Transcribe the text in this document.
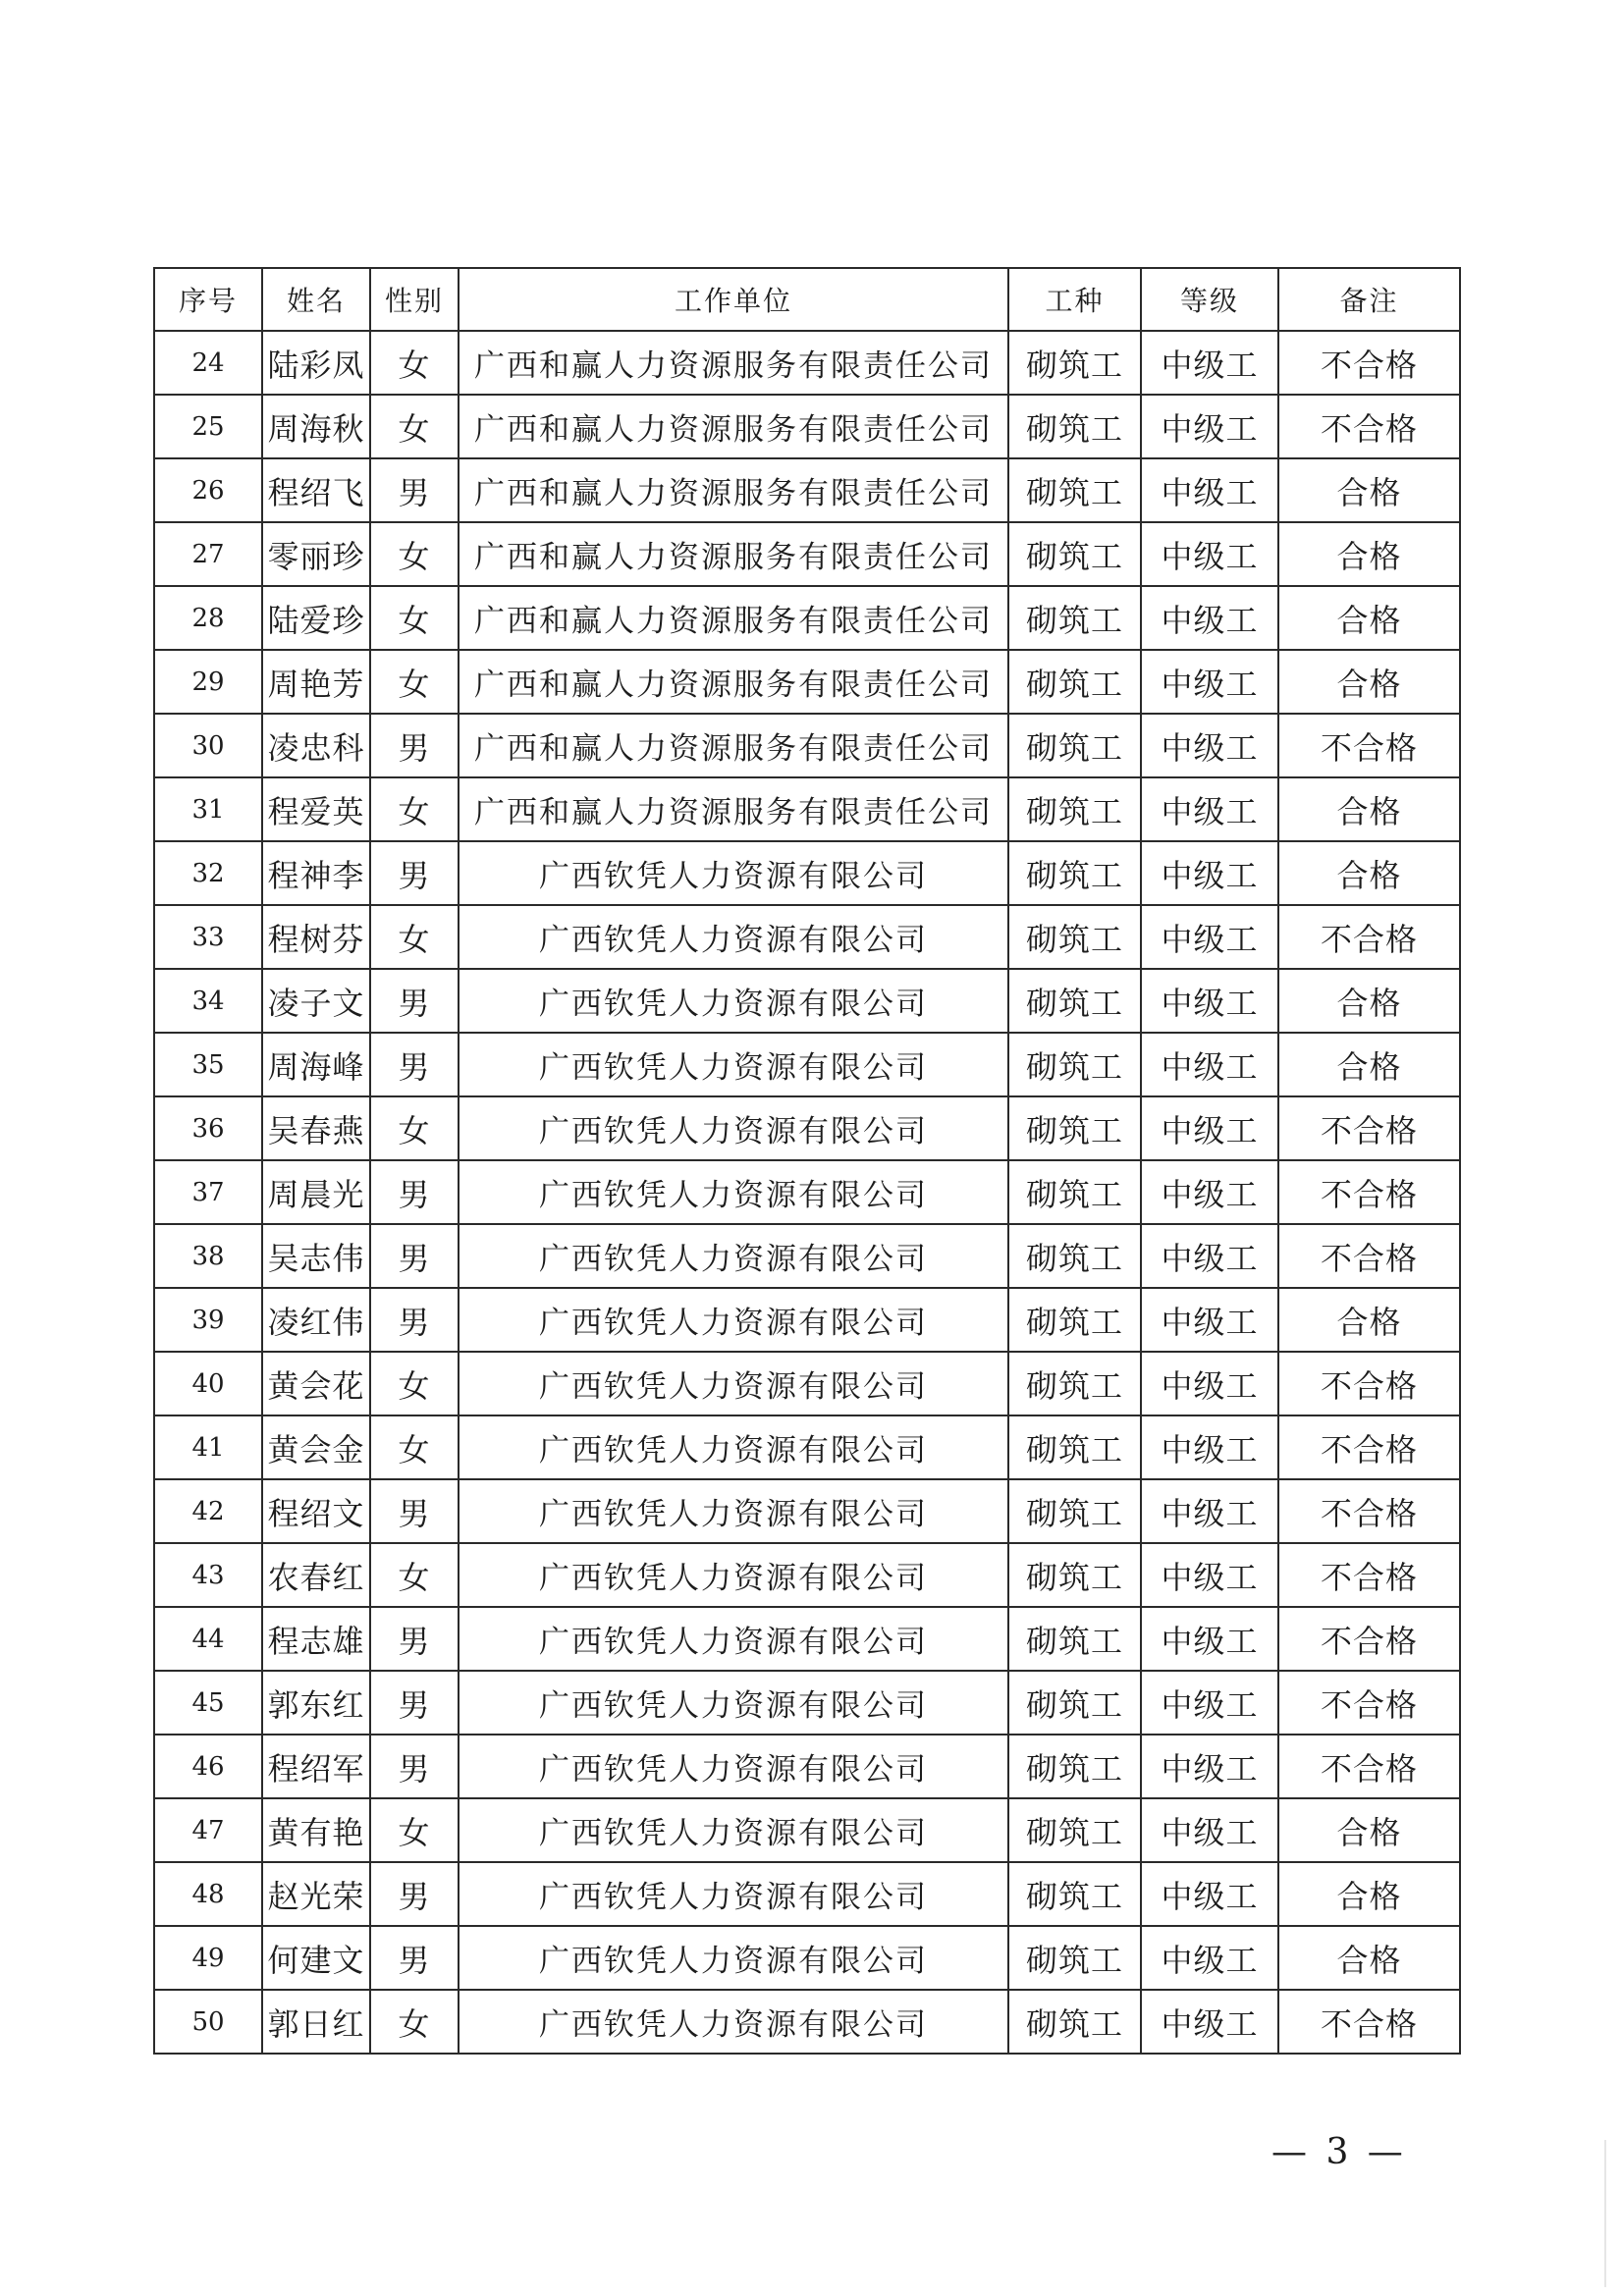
序号	姓名	性别	工作单位	工种	等级	备注
24	陆彩凤	女	广西和赢人力资源服务有限责任公司	砌筑工	中级工	不合格
25	周海秋	女	广西和赢人力资源服务有限责任公司	砌筑工	中级工	不合格
26	程绍飞	男	广西和赢人力资源服务有限责任公司	砌筑工	中级工	合格
27	零丽珍	女	广西和赢人力资源服务有限责任公司	砌筑工	中级工	合格
28	陆爱珍	女	广西和赢人力资源服务有限责任公司	砌筑工	中级工	合格
29	周艳芳	女	广西和赢人力资源服务有限责任公司	砌筑工	中级工	合格
30	凌忠科	男	广西和赢人力资源服务有限责任公司	砌筑工	中级工	不合格
31	程爱英	女	广西和赢人力资源服务有限责任公司	砌筑工	中级工	合格
32	程神李	男	广西钦凭人力资源有限公司	砌筑工	中级工	合格
33	程树芬	女	广西钦凭人力资源有限公司	砌筑工	中级工	不合格
34	凌子文	男	广西钦凭人力资源有限公司	砌筑工	中级工	合格
35	周海峰	男	广西钦凭人力资源有限公司	砌筑工	中级工	合格
36	吴春燕	女	广西钦凭人力资源有限公司	砌筑工	中级工	不合格
37	周晨光	男	广西钦凭人力资源有限公司	砌筑工	中级工	不合格
38	吴志伟	男	广西钦凭人力资源有限公司	砌筑工	中级工	不合格
39	凌红伟	男	广西钦凭人力资源有限公司	砌筑工	中级工	合格
40	黄会花	女	广西钦凭人力资源有限公司	砌筑工	中级工	不合格
41	黄会金	女	广西钦凭人力资源有限公司	砌筑工	中级工	不合格
42	程绍文	男	广西钦凭人力资源有限公司	砌筑工	中级工	不合格
43	农春红	女	广西钦凭人力资源有限公司	砌筑工	中级工	不合格
44	程志雄	男	广西钦凭人力资源有限公司	砌筑工	中级工	不合格
45	郭东红	男	广西钦凭人力资源有限公司	砌筑工	中级工	不合格
46	程绍军	男	广西钦凭人力资源有限公司	砌筑工	中级工	不合格
47	黄有艳	女	广西钦凭人力资源有限公司	砌筑工	中级工	合格
48	赵光荣	男	广西钦凭人力资源有限公司	砌筑工	中级工	合格
49	何建文	男	广西钦凭人力资源有限公司	砌筑工	中级工	合格
50	郭日红	女	广西钦凭人力资源有限公司	砌筑工	中级工	不合格
— 3 —
